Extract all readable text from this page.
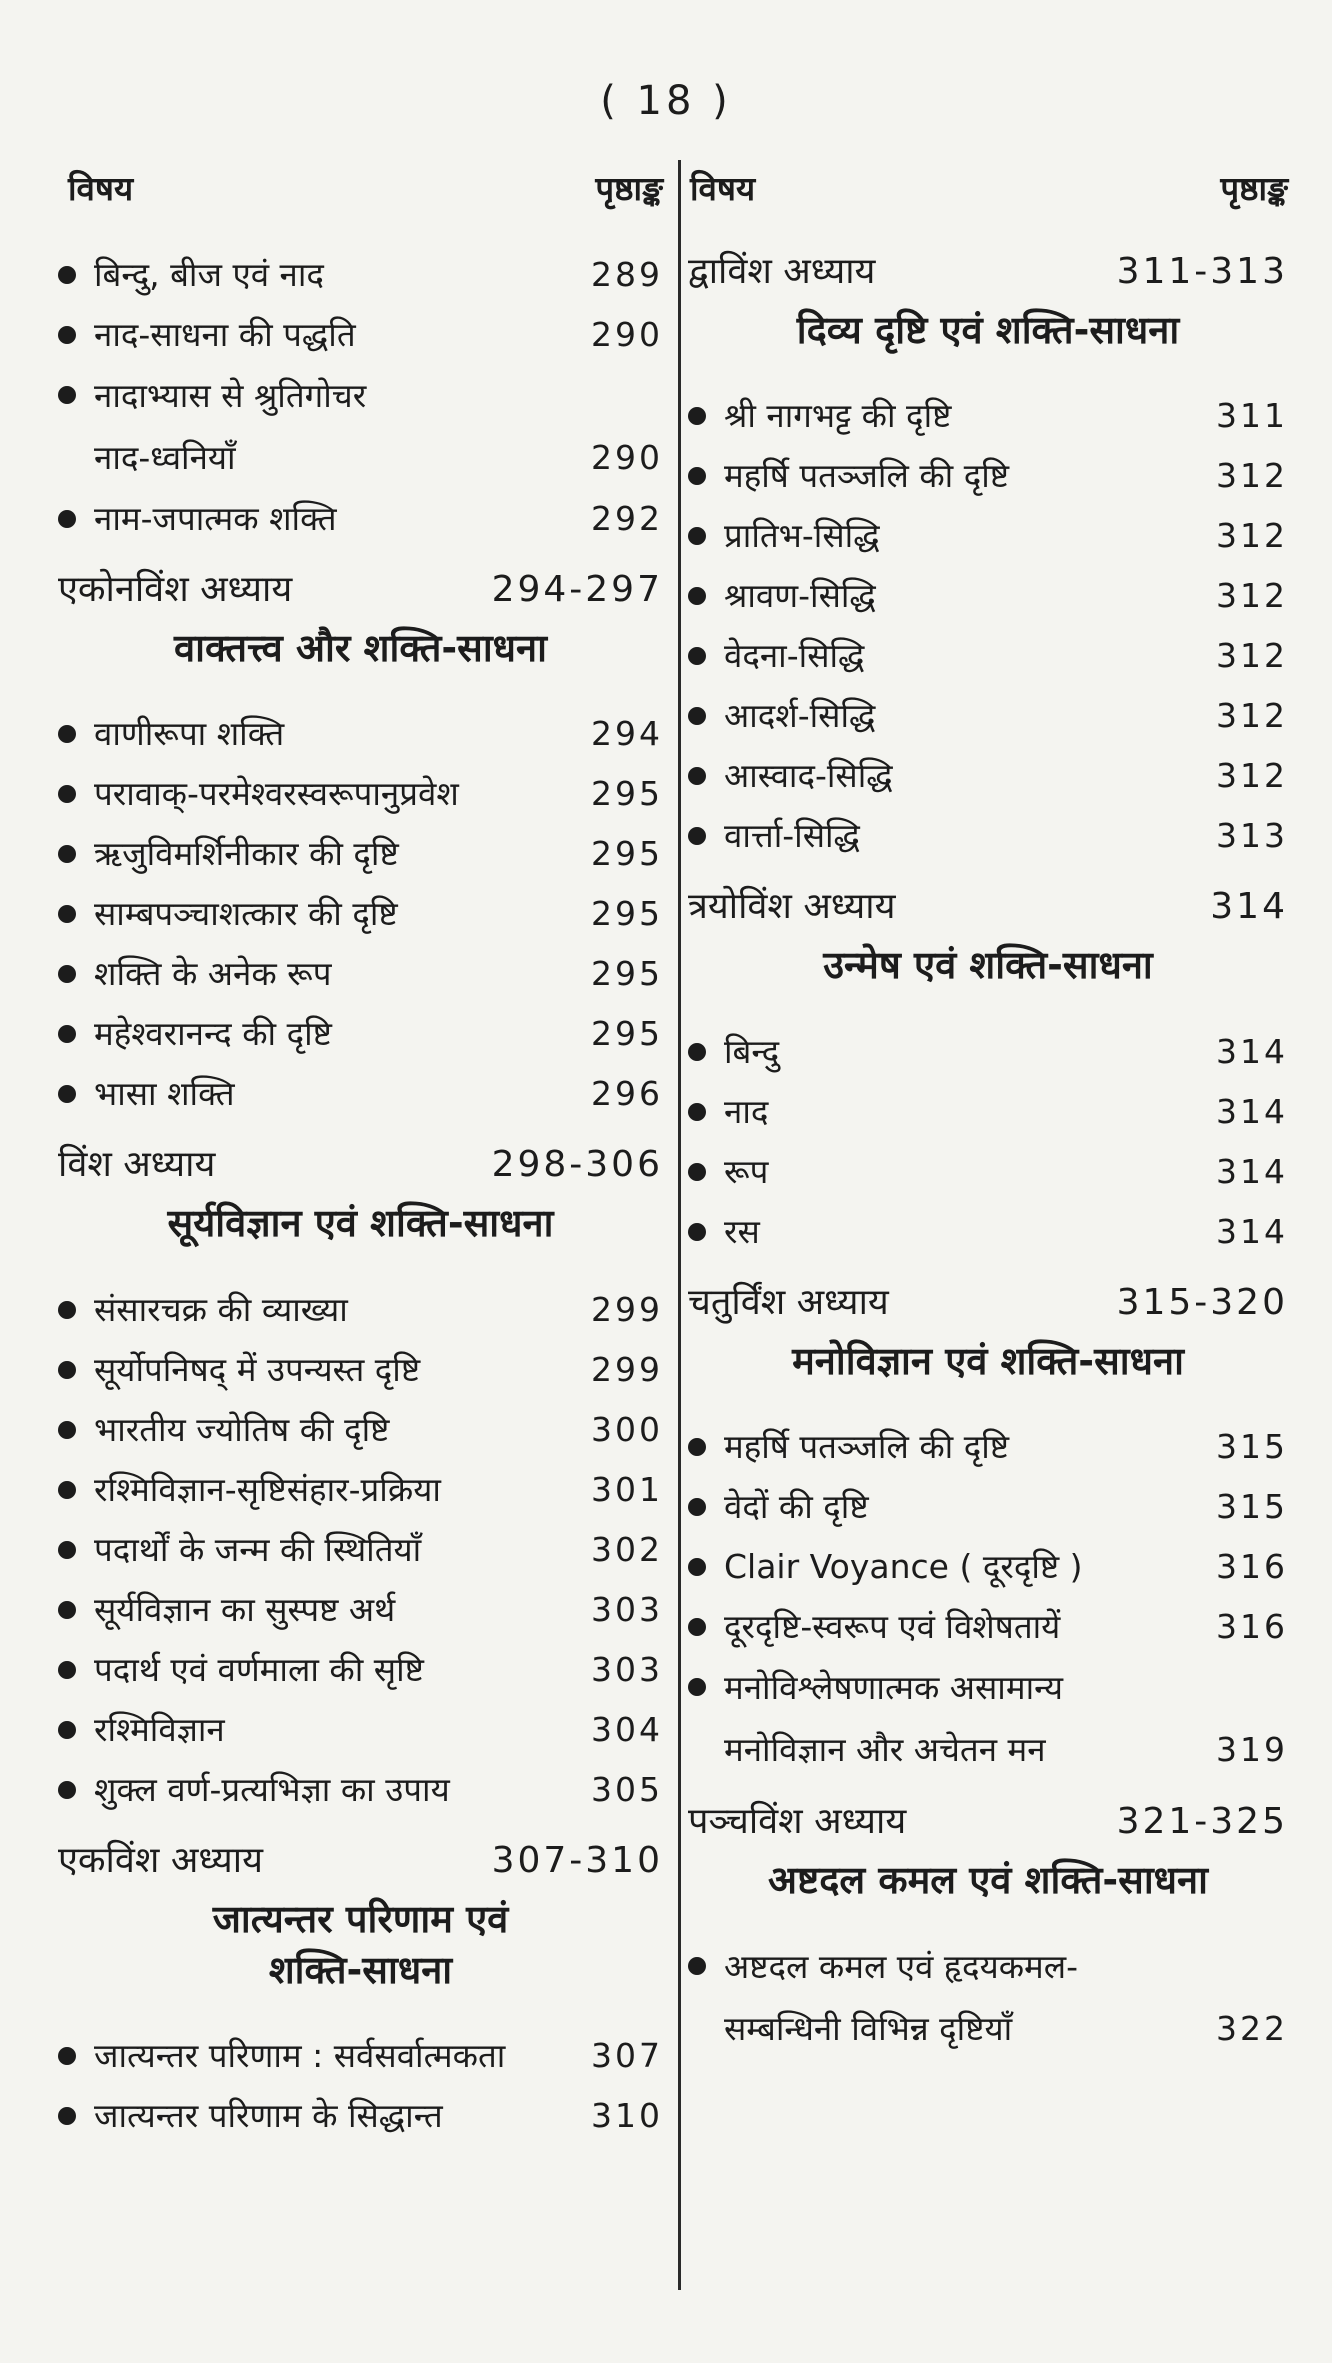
( 18 )
विषय	पृष्ठाङ्क
बिन्दु, बीज एवं नाद	289
नाद-साधना की पद्धति	290
नादाभ्यास से श्रुतिगोचर
नाद-ध्वनियाँ	290
नाम-जपात्मक शक्ति	292
एकोनविंश अध्याय	294-297
वाक्तत्त्व और शक्ति-साधना
वाणीरूपा शक्ति	294
परावाक्-परमेश्वरस्वरूपानुप्रवेश	295
ऋजुविमर्शिनीकार की दृष्टि	295
साम्बपञ्चाशत्कार की दृष्टि	295
शक्ति के अनेक रूप	295
महेश्वरानन्द की दृष्टि	295
भासा शक्ति	296
विंश अध्याय	298-306
सूर्यविज्ञान एवं शक्ति-साधना
संसारचक्र की व्याख्या	299
सूर्योपनिषद् में उपन्यस्त दृष्टि	299
भारतीय ज्योतिष की दृष्टि	300
रश्मिविज्ञान-सृष्टिसंहार-प्रक्रिया	301
पदार्थों के जन्म की स्थितियाँ	302
सूर्यविज्ञान का सुस्पष्ट अर्थ	303
पदार्थ एवं वर्णमाला की सृष्टि	303
रश्मिविज्ञान	304
शुक्ल वर्ण-प्रत्यभिज्ञा का उपाय	305
एकविंश अध्याय	307-310
जात्यन्तर परिणाम एवं
शक्ति-साधना
जात्यन्तर परिणाम : सर्वसर्वात्मकता	307
जात्यन्तर परिणाम के सिद्धान्त	310
विषय	पृष्ठाङ्क
द्वाविंश अध्याय	311-313
दिव्य दृष्टि एवं शक्ति-साधना
श्री नागभट्ट की दृष्टि	311
महर्षि पतञ्जलि की दृष्टि	312
प्रातिभ-सिद्धि	312
श्रावण-सिद्धि	312
वेदना-सिद्धि	312
आदर्श-सिद्धि	312
आस्वाद-सिद्धि	312
वार्त्ता-सिद्धि	313
त्रयोविंश अध्याय	314
उन्मेष एवं शक्ति-साधना
बिन्दु	314
नाद	314
रूप	314
रस	314
चतुर्विंश अध्याय	315-320
मनोविज्ञान एवं शक्ति-साधना
महर्षि पतञ्जलि की दृष्टि	315
वेदों की दृष्टि	315
Clair Voyance ( दूरदृष्टि )	316
दूरदृष्टि-स्वरूप एवं विशेषतायें	316
मनोविश्लेषणात्मक असामान्य
मनोविज्ञान और अचेतन मन	319
पञ्चविंश अध्याय	321-325
अष्टदल कमल एवं शक्ति-साधना
अष्टदल कमल एवं हृदयकमल-
सम्बन्धिनी विभिन्न दृष्टियाँ	322
